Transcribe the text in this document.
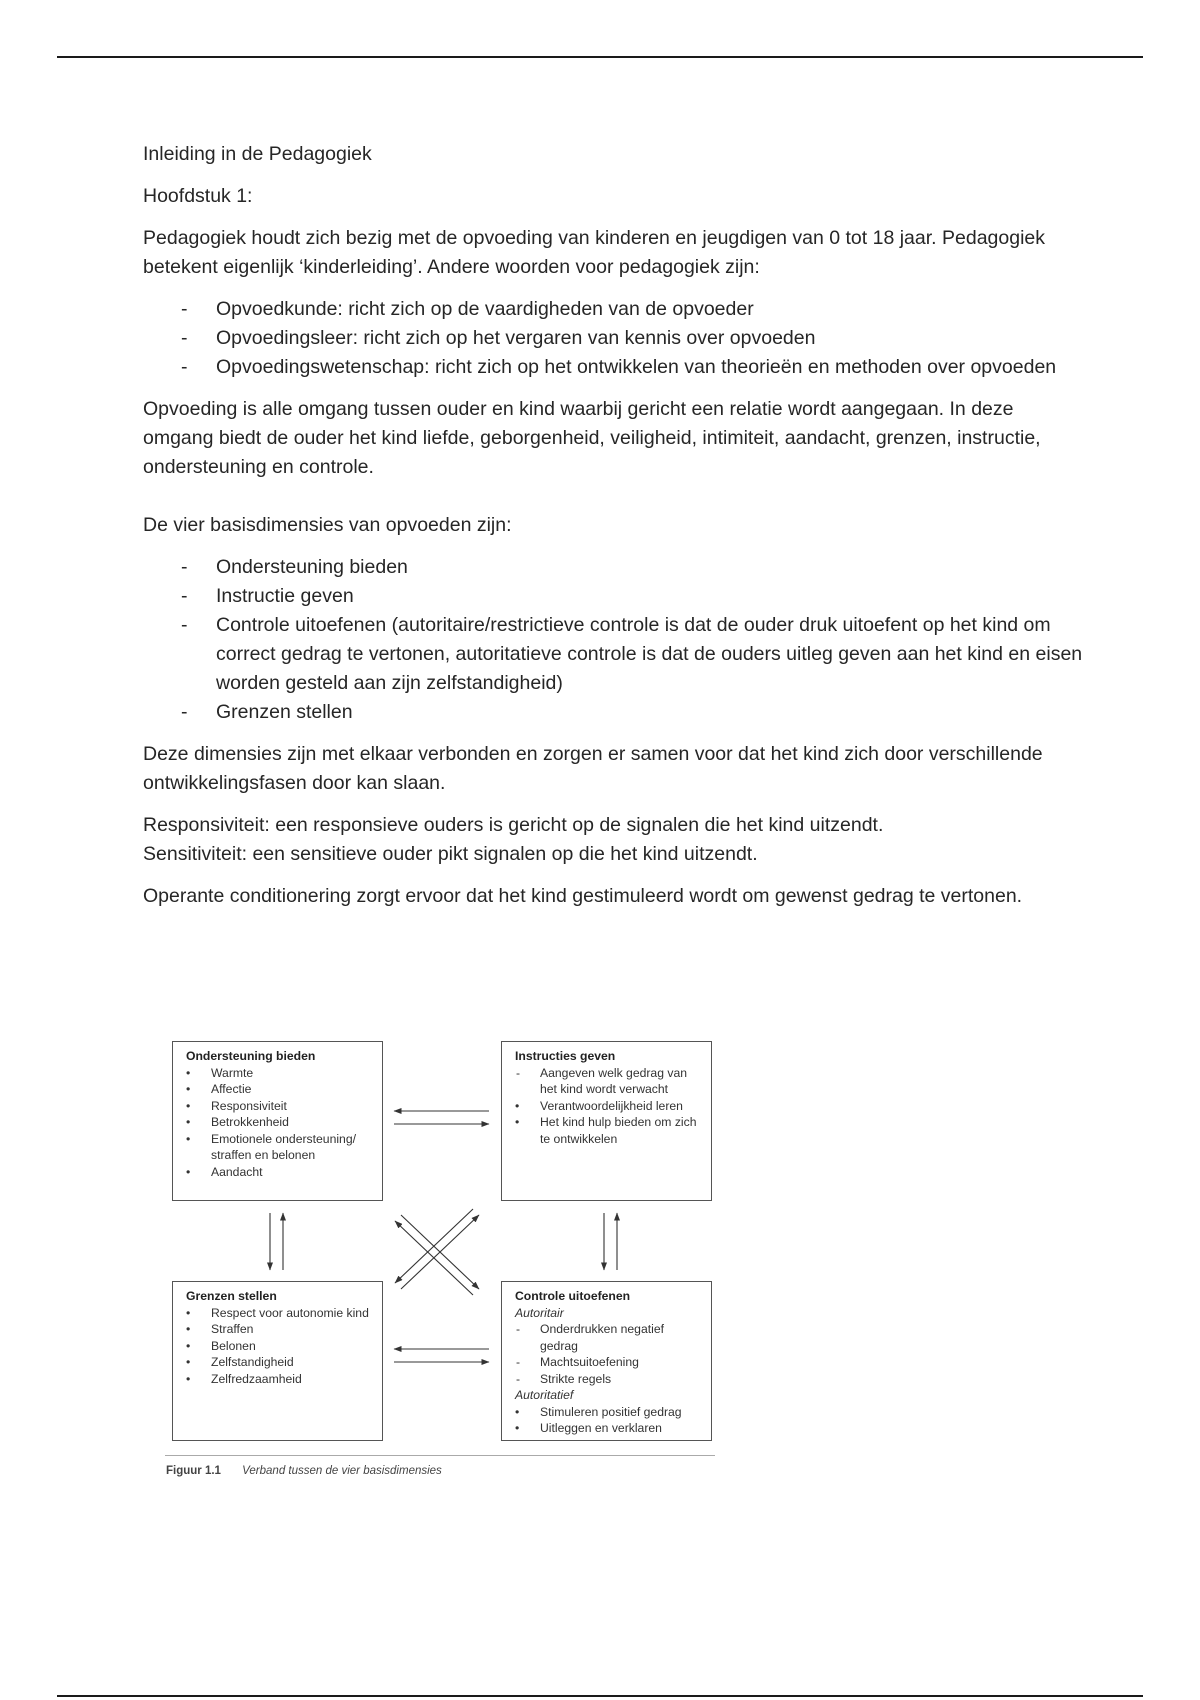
Inleiding in de Pedagogiek

Hoofdstuk 1:

Pedagogiek houdt zich bezig met de opvoeding van kinderen en jeugdigen van 0 tot 18 jaar. Pedagogiek betekent eigenlijk ‘kinderleiding’. Andere woorden voor pedagogiek zijn:

- Opvoedkunde: richt zich op de vaardigheden van de opvoeder
- Opvoedingsleer: richt zich op het vergaren van kennis over opvoeden
- Opvoedingswetenschap: richt zich op het ontwikkelen van theorieën en methoden over opvoeden

Opvoeding is alle omgang tussen ouder en kind waarbij gericht een relatie wordt aangegaan. In deze omgang biedt de ouder het kind liefde, geborgenheid, veiligheid, intimiteit, aandacht, grenzen, instructie, ondersteuning en controle.

De vier basisdimensies van opvoeden zijn:

- Ondersteuning bieden
- Instructie geven
- Controle uitoefenen (autoritaire/restrictieve controle is dat de ouder druk uitoefent op het kind om correct gedrag te vertonen, autoritatieve controle is dat de ouders uitleg geven aan het kind en eisen worden gesteld aan zijn zelfstandigheid)
- Grenzen stellen

Deze dimensies zijn met elkaar verbonden en zorgen er samen voor dat het kind zich door verschillende ontwikkelingsfasen door kan slaan.

Responsiviteit: een responsieve ouders is gericht op de signalen die het kind uitzendt.

Sensitiviteit: een sensitieve ouder pikt signalen op die het kind uitzendt.

Operante conditionering zorgt ervoor dat het kind gestimuleerd wordt om gewenst gedrag te vertonen.

Ondersteuning bieden
• Warmte
• Affectie
• Responsiviteit
• Betrokkenheid
• Emotionele ondersteuning/ straffen en belonen
• Aandacht
Instructies geven
- Aangeven welk gedrag van het kind wordt verwacht
• Verantwoordelijkheid leren
• Het kind hulp bieden om zich te ontwikkelen
Grenzen stellen
• Respect voor autonomie kind
• Straffen
• Belonen
• Zelfstandigheid
• Zelfredzaamheid
Controle uitoefenen
Autoritair
- Onderdrukken negatief gedrag
- Machtsuitoefening
- Strikte regels
Autoritatief
• Stimuleren positief gedrag
• Uitleggen en verklaren
Figuur 1.1 Verband tussen de vier basisdimensies
